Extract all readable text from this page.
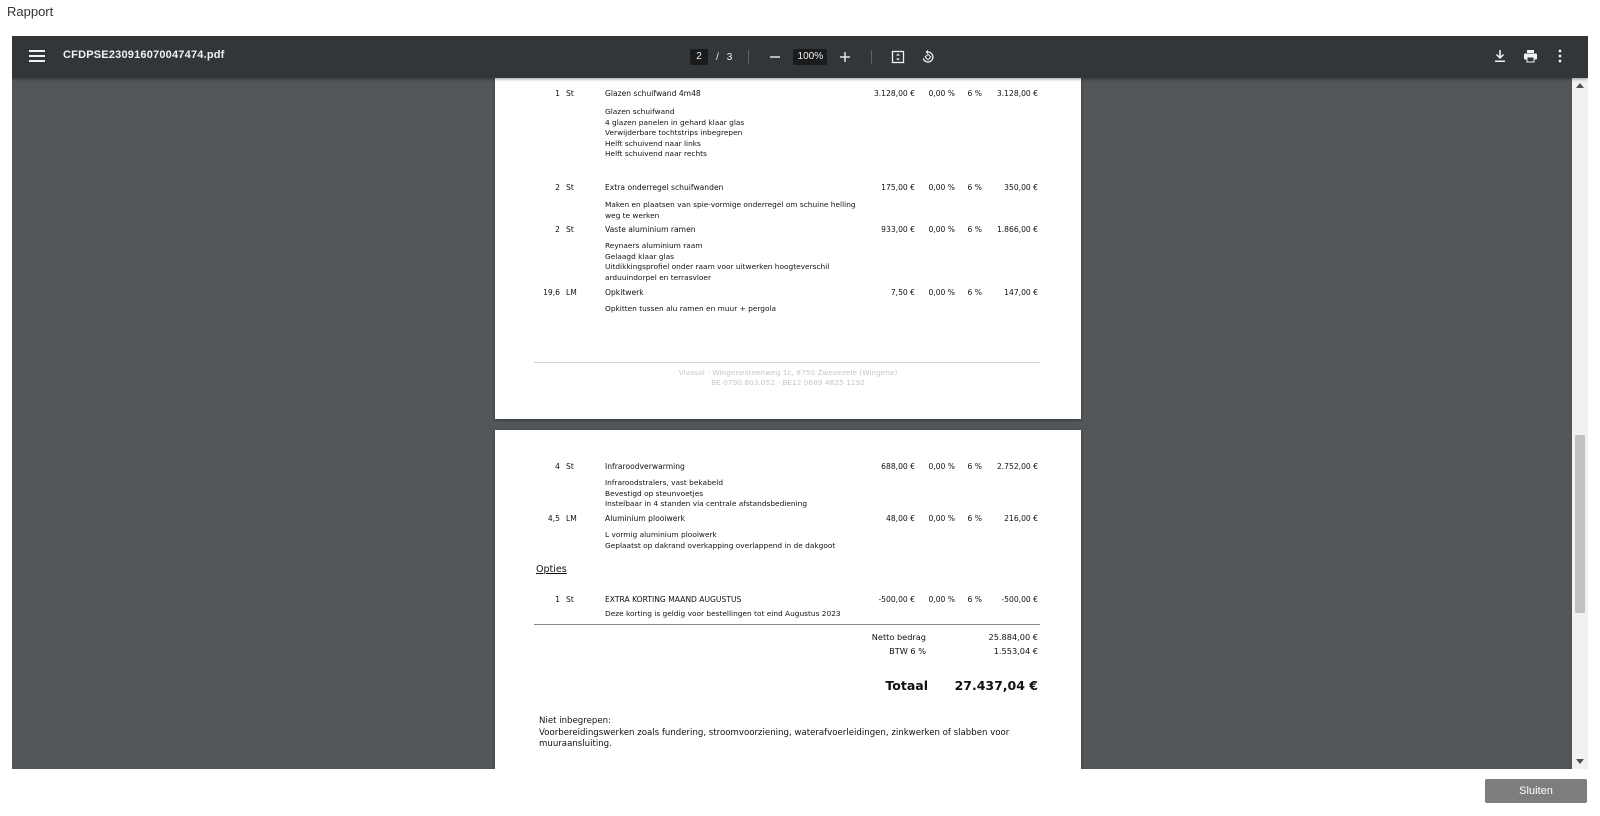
Rapport
CFDPSE230916070047474.pdf	2	/ 3	100%
1 St	Glazen schuifwand 4m48	3.128,00 € 0,00 % 6 % 3.128,00 €
Glazen schuifwand
4 glazen panelen in gehard klaar glas
Verwijderbare tochtstrips inbegrepen
Helft schuivend naar links
Helft schuivend naar rechts
2 St	Extra onderregel schuifwanden	175,00 € 0,00 % 6 %	350,00 €
Maken en plaatsen van spie-vormige onderregel om schuine helling
weg te werken
2 St	Vaste aluminium ramen	933,00 € 0,00 % 6 % 1.866,00 €
Reynaers aluminium raam
Gelaagd klaar glas
Uitdikkingsprofiel onder raam voor uitwerken hoogteverschil
arduuindorpel en terrasvloer
19,6 LM	Opkitwerk	7,50 € 0,00 % 6 %	147,00 €
Opkitten tussen alu ramen en muur + pergola
Vivasol - Wingenesteenweg 1c, 8750 Zwevezele (Wingene)
BE 0790.803.052 - BE12 0689 4625 1292
4 St	Infraroodverwarming	688,00 € 0,00 % 6 % 2.752,00 €
Infraroodstralers, vast bekabeld
Bevestigd op steunvoetjes
Instelbaar in 4 standen via centrale afstandsbediening
4,5 LM	Aluminium plooiwerk	48,00 € 0,00 % 6 %	216,00 €
L vormig aluminium plooiwerk
Geplaatst op dakrand overkapping overlappend in de dakgoot
Opties
1 St	EXTRA KORTING MAAND AUGUSTUS	-500,00 € 0,00 % 6 %	-500,00 €
Deze korting is geldig voor bestellingen tot eind Augustus 2023
Netto bedrag	25.884,00 €
BTW 6 %	1.553,04 €
Totaal 27.437,04 €
Niet inbegrepen:
Voorbereidingswerken zoals fundering, stroomvoorziening, waterafvoerleidingen, zinkwerken of slabben voor
muuraansluiting.
Sluiten
